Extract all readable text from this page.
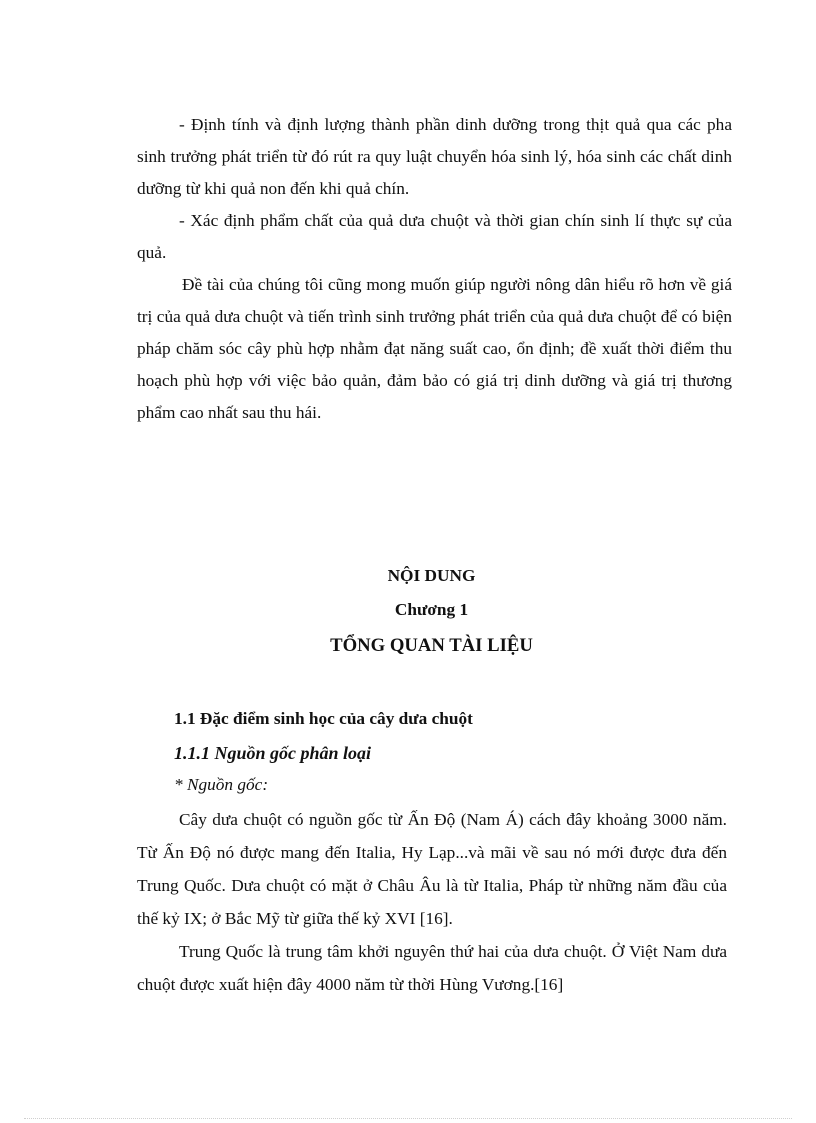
- Định tính và định lượng thành phần dinh dưỡng trong thịt quả qua các pha sinh trưởng phát triển từ đó rút ra quy luật chuyển hóa sinh lý, hóa sinh các chất dinh dưỡng từ khi quả non đến khi quả chín.

- Xác định phẩm chất của quả dưa chuột và thời gian chín sinh lí thực sự của quả.

Đề tài của chúng tôi cũng mong muốn giúp người nông dân hiểu rõ hơn về giá trị của quả dưa chuột và tiến trình sinh trưởng phát triển của quả dưa chuột để có biện pháp chăm sóc cây phù hợp nhằm đạt năng suất cao, ổn định; đề xuất thời điểm thu hoạch phù hợp với việc bảo quản, đảm bảo có giá trị dinh dưỡng và giá trị thương phẩm cao nhất sau thu hái.

NỘI DUNG
Chương 1
TỔNG QUAN TÀI LIỆU
1.1 Đặc điểm sinh học của cây dưa chuột
1.1.1 Nguồn gốc phân loại

* Nguồn gốc:

Cây dưa chuột có nguồn gốc từ Ấn Độ (Nam Á) cách đây khoảng 3000 năm. Từ Ấn Độ nó được mang đến Italia, Hy Lạp...và mãi về sau nó mới được đưa đến Trung Quốc. Dưa chuột có mặt ở Châu Âu là từ Italia, Pháp từ những năm đầu của thế kỷ IX; ở Bắc Mỹ từ giữa thế kỷ XVI [16].

Trung Quốc là trung tâm khởi nguyên thứ hai của dưa chuột. Ở Việt Nam dưa chuột được xuất hiện đây 4000 năm từ thời Hùng Vương.[16]
